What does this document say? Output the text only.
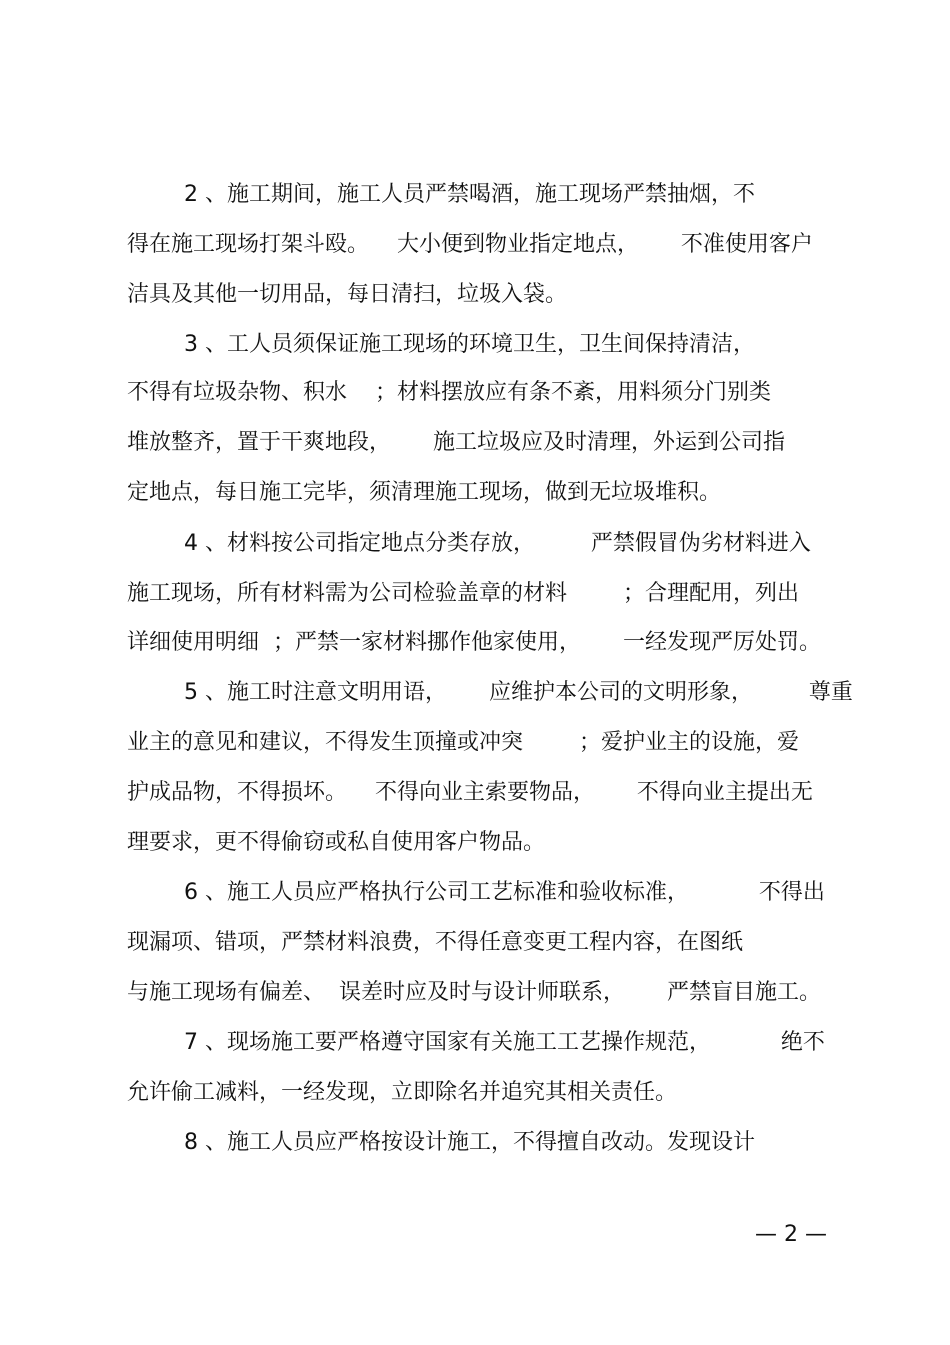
2 、施工期间，施工人员严禁喝酒，施工现场严禁抽烟，不
得在施工现场打架斗殴。    大小便到物业指定地点，      不准使用客户
洁具及其他一切用品，每日清扫，垃圾入袋。
3 、工人员须保证施工现场的环境卫生，卫生间保持清洁，
不得有垃圾杂物、积水    ；材料摆放应有条不紊，用料须分门别类
堆放整齐，置于干爽地段，      施工垃圾应及时清理，外运到公司指
定地点，每日施工完毕，须清理施工现场，做到无垃圾堆积。
4 、材料按公司指定地点分类存放，        严禁假冒伪劣材料进入
施工现场，所有材料需为公司检验盖章的材料        ；合理配用，列出
详细使用明细  ；严禁一家材料挪作他家使用，      一经发现严厉处罚。
5 、施工时注意文明用语，      应维护本公司的文明形象，        尊重
业主的意见和建议，不得发生顶撞或冲突        ；爱护业主的设施，爱
护成品物，不得损坏。    不得向业主索要物品，      不得向业主提出无
理要求，更不得偷窃或私自使用客户物品。
6 、施工人员应严格执行公司工艺标准和验收标准，          不得出
现漏项、错项，严禁材料浪费，不得任意变更工程内容，在图纸
与施工现场有偏差、  误差时应及时与设计师联系，      严禁盲目施工。
7 、现场施工要严格遵守国家有关施工工艺操作规范，          绝不
允许偷工减料，一经发现，立即除名并追究其相关责任。
8 、施工人员应严格按设计施工，不得擅自改动。发现设计
— 2 —
